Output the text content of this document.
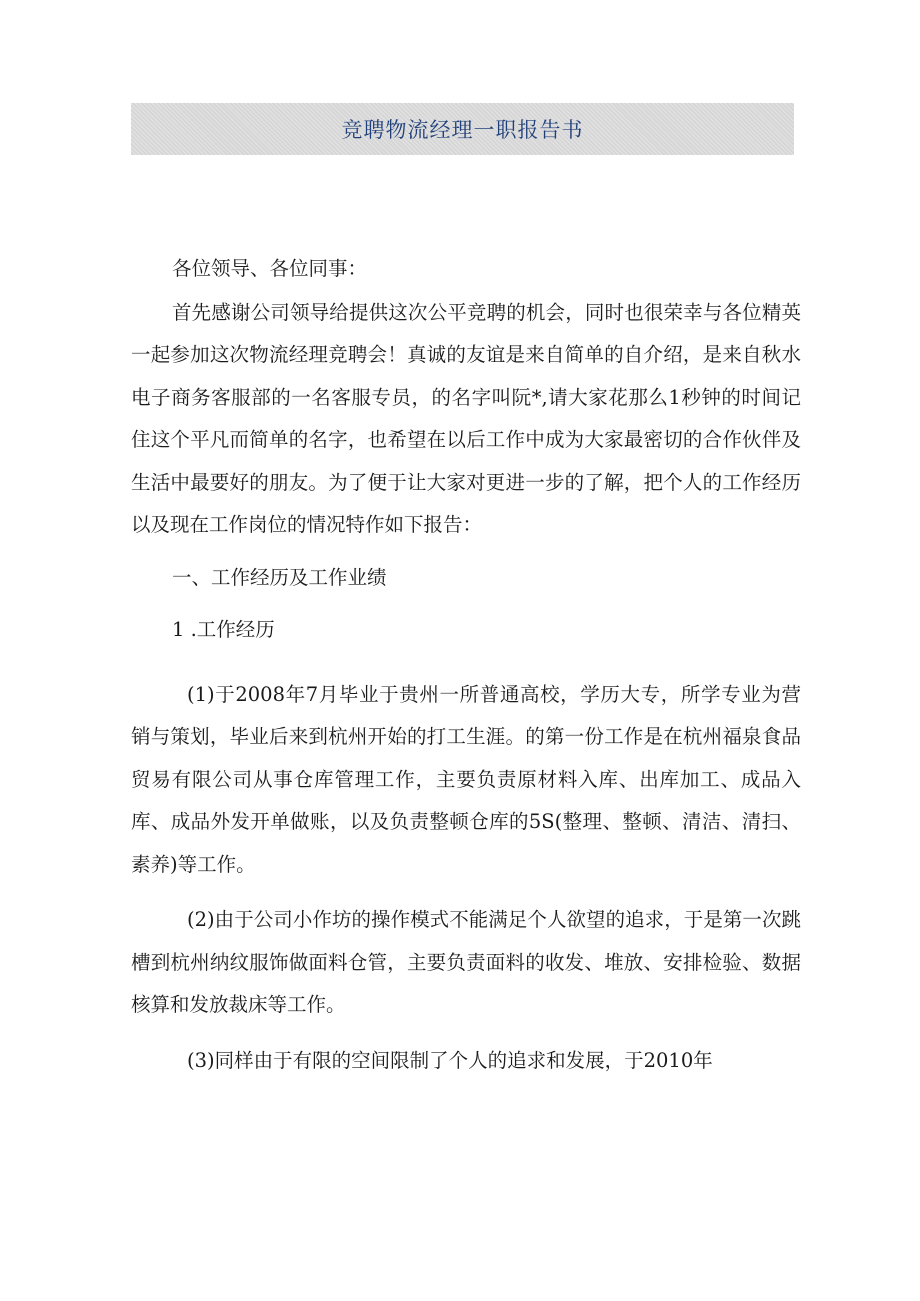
竞聘物流经理一职报告书

各位领导、各位同事：

首先感谢公司领导给提供这次公平竞聘的机会，同时也很荣幸与各位精英一起参加这次物流经理竞聘会！真诚的友谊是来自简单的自介绍，是来自秋水电子商务客服部的一名客服专员，的名字叫阮*,请大家花那么1秒钟的时间记住这个平凡而简单的名字，也希望在以后工作中成为大家最密切的合作伙伴及生活中最要好的朋友。为了便于让大家对更进一步的了解，把个人的工作经历以及现在工作岗位的情况特作如下报告：

一、工作经历及工作业绩

1 .工作经历

(1)于2008年7月毕业于贵州一所普通高校，学历大专，所学专业为营销与策划，毕业后来到杭州开始的打工生涯。的第一份工作是在杭州福泉食品贸易有限公司从事仓库管理工作，主要负责原材料入库、出库加工、成品入库、成品外发开单做账，以及负责整顿仓库的5S(整理、整顿、清洁、清扫、素养)等工作。

(2)由于公司小作坊的操作模式不能满足个人欲望的追求，于是第一次跳槽到杭州纳纹服饰做面料仓管，主要负责面料的收发、堆放、安排检验、数据核算和发放裁床等工作。

(3)同样由于有限的空间限制了个人的追求和发展，于2010年
